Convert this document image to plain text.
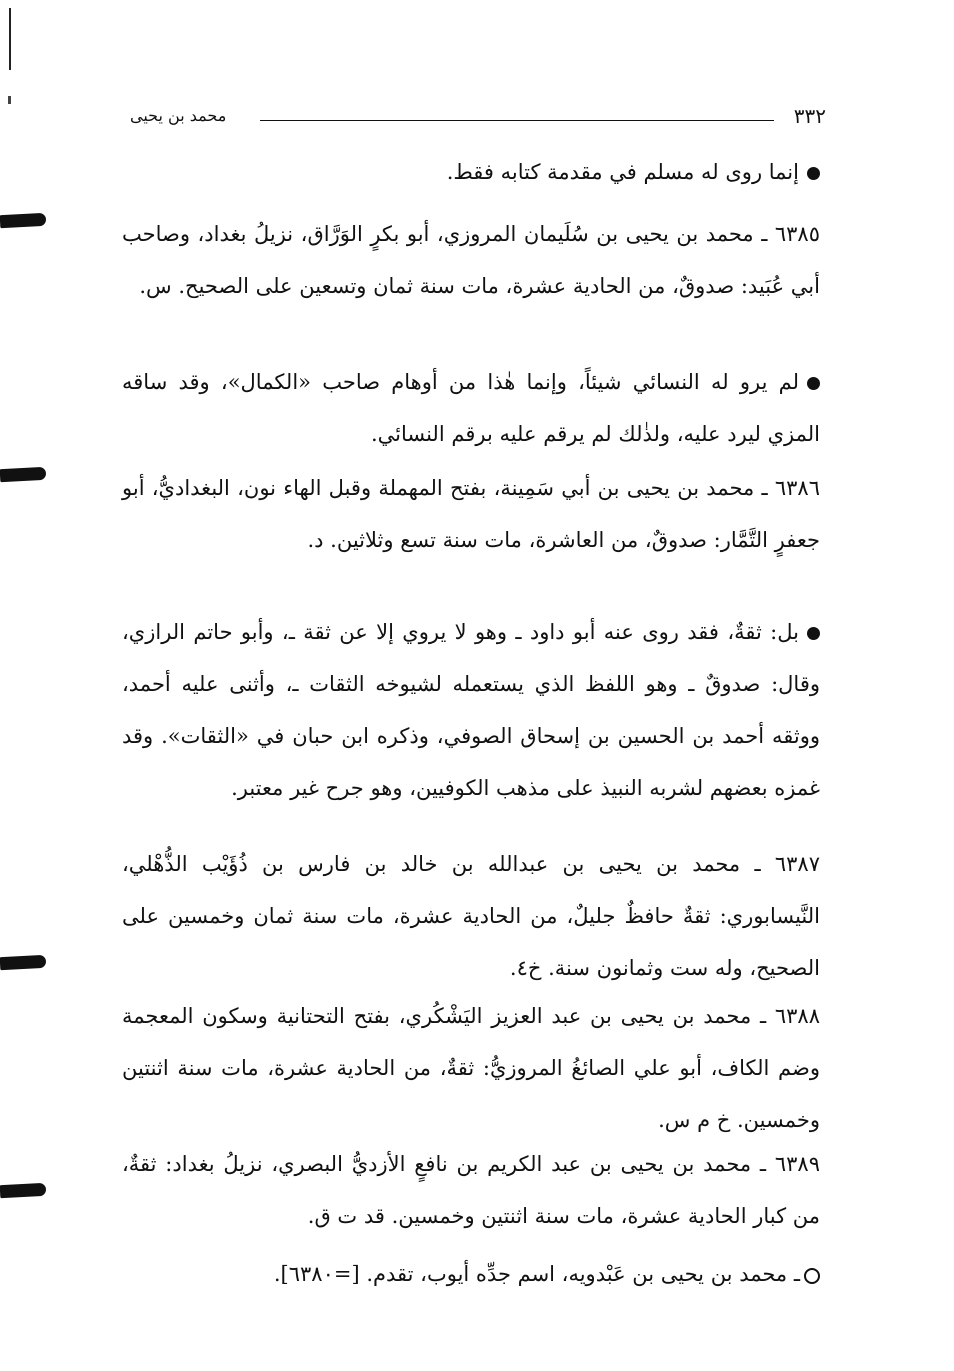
٣٣٢
محمد بن يحيى
إنما روى له مسلم في مقدمة كتابه فقط.
٦٣٨٥ ـ محمد بن يحيى بن سُلَيمان المروزي، أبو بكرٍ الوَرَّاق، نزيلُ بغداد، وصاحب أبي عُبَيد: صدوقٌ، من الحادية عشرة، مات سنة ثمان وتسعين على الصحيح. س.
لم يرو له النسائي شيئاً، وإنما هٰذا من أوهام صاحب «الكمال»، وقد ساقه المزي ليرد عليه، ولذٰلك لم يرقم عليه برقم النسائي.
٦٣٨٦ ـ محمد بن يحيى بن أبي سَمِينة، بفتح المهملة وقبل الهاء نون، البغداديُّ، أبو جعفرٍ التَّمَّار: صدوقٌ، من العاشرة، مات سنة تسع وثلاثين. د.
بل: ثقةٌ، فقد روى عنه أبو داود ـ وهو لا يروي إلا عن ثقة ـ، وأبو حاتم الرازي، وقال: صدوقٌ ـ وهو اللفظ الذي يستعمله لشيوخه الثقات ـ، وأثنى عليه أحمد، ووثقه أحمد بن الحسين بن إسحاق الصوفي، وذكره ابن حبان في «الثقات». وقد غمزه بعضهم لشربه النبيذ على مذهب الكوفيين، وهو جرح غير معتبر.
٦٣٨٧ ـ محمد بن يحيى بن عبدالله بن خالد بن فارس بن ذُؤَيْب الذُّهْلي، النَّيسابوري: ثقةٌ حافظٌ جليلٌ، من الحادية عشرة، مات سنة ثمان وخمسين على الصحيح، وله ست وثمانون سنة. خ٤.
٦٣٨٨ ـ محمد بن يحيى بن عبد العزيز اليَشْكُري، بفتح التحتانية وسكون المعجمة وضم الكاف، أبو علي الصائغُ المروزيُّ: ثقةٌ، من الحادية عشرة، مات سنة اثنتين وخمسين. خ م س.
٦٣٨٩ ـ محمد بن يحيى بن عبد الكريم بن نافعٍ الأزديُّ البصري، نزيلُ بغداد: ثقةٌ، من كبار الحادية عشرة، مات سنة اثنتين وخمسين. قد ت ق.
ـ محمد بن يحيى بن عَبْدويه، اسم جدِّه أيوب، تقدم. [=٦٣٨٠].
